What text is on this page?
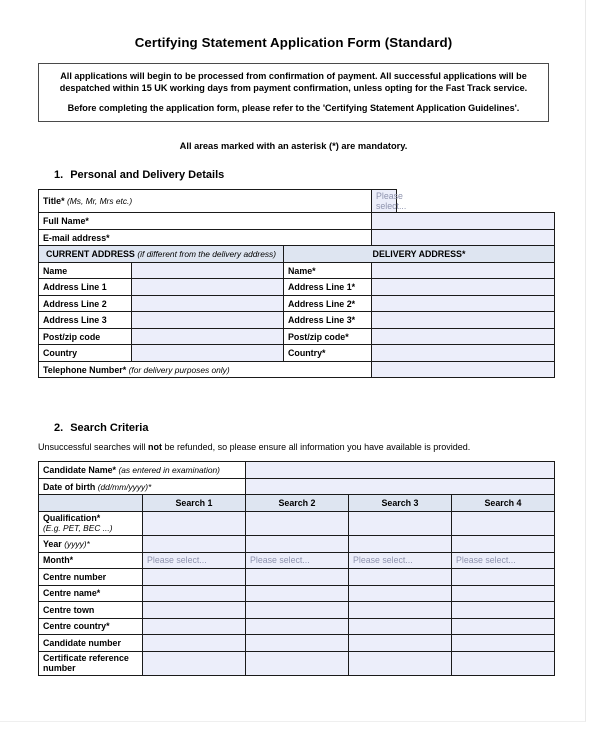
Certifying Statement Application Form (Standard)
All applications will begin to be processed from confirmation of payment. All successful applications will be despatched within 15 UK working days from payment confirmation, unless opting for the Fast Track service.
Before completing the application form, please refer to the 'Certifying Statement Application Guidelines'.
All areas marked with an asterisk (*) are mandatory.
1. Personal and Delivery Details
Title* (Ms, Mr, Mrs etc.)			Please select...	
Full Name*				
E-mail address*				
CURRENT ADDRESS (if different from the delivery address)		DELIVERY ADDRESS*		
Name		Name*		
Address Line 1		Address Line 1*		
Address Line 2		Address Line 2*		
Address Line 3		Address Line 3*		
Post/zip code		Post/zip code*		
Country		Country*		
Telephone Number* (for delivery purposes only)				
2. Search Criteria
Unsuccessful searches will not be refunded, so please ensure all information you have available is provided.
Candidate Name* (as entered in examination)				
Date of birth (dd/mm/yyyy)*				
	Search 1	Search 2	Search 3	Search 4
Qualification*
(E.g. PET, BEC ...)				
Year (yyyy)*				
Month*	Please select...	Please select...	Please select...	Please select...
Centre number				
Centre name*				
Centre town				
Centre country*				
Candidate number				
Certificate reference number				
